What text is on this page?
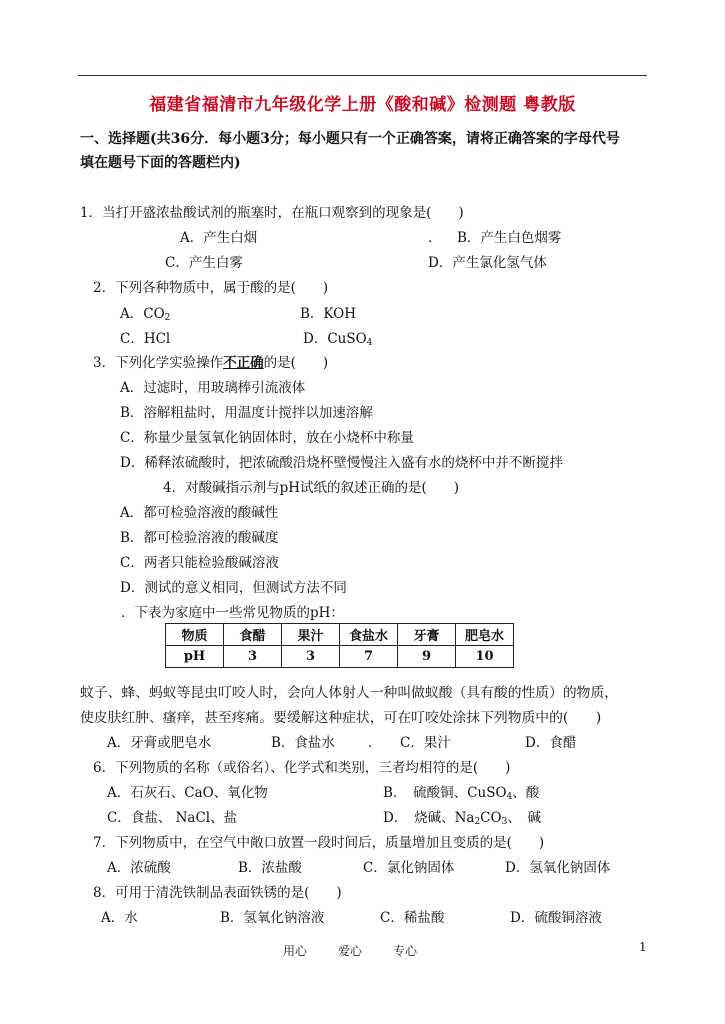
福建省福清市九年级化学上册《酸和碱》检测题 粤教版
一、选择题(共36分．每小题3分；每小题只有一个正确答案，请将正确答案的字母代号
填在题号下面的答题栏内)
1．当打开盛浓盐酸试剂的瓶塞时，在瓶口观察到的现象是(　　)
A．产生白烟	． B．产生白色烟雾
C．产生白雾	D．产生氯化氢气体
2．下列各种物质中，属于酸的是(　　)
A．$CO_2$	B．KOH
C．HCl	D．CuSO$_4$
3．下列化学实验操作不正确的是(　　)
A．过滤时，用玻璃棒引流液体
B．溶解粗盐时，用温度计搅拌以加速溶解
C．称量少量氢氧化钠固体时，放在小烧杯中称量
D．稀释浓硫酸时，把浓硫酸沿烧杯壁慢慢注入盛有水的烧杯中并不断搅拌
4．对酸碱指示剂与pH试纸的叙述正确的是(　　)
A．都可检验溶液的酸碱性
B．都可检验溶液的酸碱度
C．两者只能检验酸碱溶液
D．测试的意义相同，但测试方法不同
．下表为家庭中一些常见物质的pH：
物质	食醋	果汁	食盐水	牙膏	肥皂水
pH	3	3	7	9	10
蚊子、蜂、蚂蚁等昆虫叮咬人时，会向人体射人一种叫做蚁酸（具有酸的性质）的物质，
使皮肤红肿、瘙痒，甚至疼痛。要缓解这种症状，可在叮咬处涂抹下列物质中的(　　)
A．牙膏或肥皂水	B．食盐水 ． C．果汁	D．食醋
6．下列物质的名称（或俗名）、化学式和类别，三者均相符的是(　　)
A．石灰石、CaO、氧化物	B．　硫酸铜、CuSO$_4$、酸
C．食盐、 NaCl、盐	D．　烧碱、$Na_2CO_3$、　碱
7．下列物质中，在空气中敞口放置一段时间后，质量增加且变质的是(　　)
A．浓硫酸	B．浓盐酸	C．氯化钠固体	D．氢氧化钠固体
8．可用于清洗铁制品表面铁锈的是(　　)
A．水	B．氢氧化钠溶液	C．稀盐酸	D．硫酸铜溶液
用心	爱心	专心	1
